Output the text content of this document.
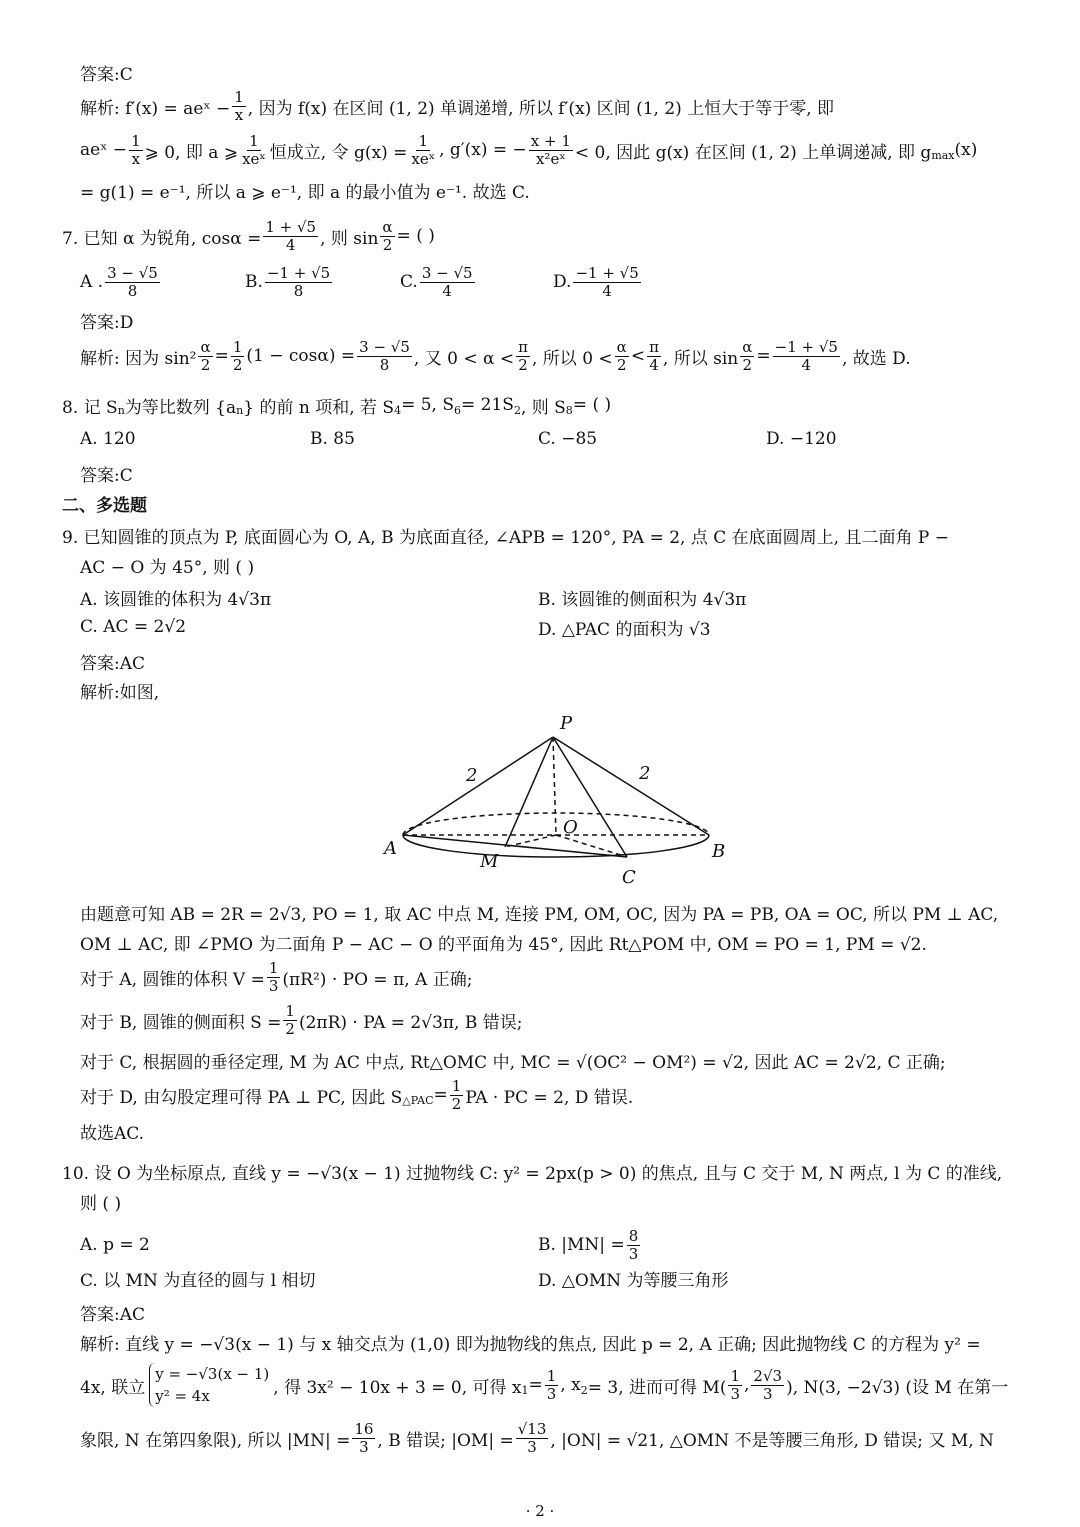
答案:C
解析: f′(x) = aeˣ − $\frac{1}{x}$ , 因为 f(x) 在区间 (1, 2) 单调递增, 所以 f′(x) 区间 (1, 2) 上恒大于等于零, 即
aeˣ − $\frac{1}{x}$ ⩾ 0, 即 a ⩾ $\frac{1}{\text{xeˣ}}$ 恒成立, 令 $g(x) = \frac{1}{\text{xeˣ}}$ , g′(x) = − $\frac{x + 1}{\text{x²eˣ}} < 0$, 因此 g(x) 在区间 (1, 2) 上单调递减, 即 g max (x)
= g(1) = e⁻¹, 所以 a ⩾ e⁻¹, 即 a 的最小值为 e⁻¹. 故选 C.
7. 已知 α 为锐角, $\cos\alpha = \frac{1 + √5}{4}$ , 则 $\sin \frac{\alpha}{2}$ = ( )
A . $\frac{3 - √5}{8}$	B. $\frac{-1 + √5}{8}$	C. $\frac{3 - √5}{4}$	D. $\frac{-1 + √5}{4}$
答案:D
解析: 因为 $\sin^2 \frac{\alpha}{2} = \frac{1}{2} (1 - \cos\alpha) = \frac{3 - √5}{8}$ , 又 $0 < \alpha < \frac{\pi}{2}$ , 所以 $0 < \frac{\alpha}{2} < \frac{\pi}{4}$ , 所以 $\sin \frac{\alpha}{2} = \frac{-1 + √5}{4}$ , 故选 D.
8. 记 S n 为等比数列 {a n } 的前 n 项和, 若 S 4 = 5, S 6 = 21S 2 , 则 S 8 = ( )
A. 120	B. 85	C. −85	D. −120
答案:C
二、多选题
9. 已知圆锥的顶点为 P, 底面圆心为 O, A, B 为底面直径, ∠APB = 120°, PA = 2, 点 C 在底面圆周上, 且二面角 P −
AC − O 为 45°, 则 ( )
A. 该圆锥的体积为 4√3π	B. 该圆锥的侧面积为 4√3π
C. AC = 2√2	D. △PAC 的面积为 √3
答案:AC
解析:如图,
由题意可知 AB = 2R = 2√3, PO = 1, 取 AC 中点 M, 连接 PM, OM, OC, 因为 PA = PB, OA = OC, 所以 PM ⊥ AC,
OM ⊥ AC, 即 ∠PMO 为二面角 P − AC − O 的平面角为 45°, 因此 Rt△POM 中, OM = PO = 1, PM = √2.
对于 A, 圆锥的体积 $V = \frac{1}{3} (\pi R^2)$ · PO = π, A 正确;
对于 B, 圆锥的侧面积 $S = \frac{1}{2} (2\pi R)$ · PA = 2√3π, B 错误;
对于 C, 根据圆的垂径定理, M 为 AC 中点, Rt△OMC 中, MC = √(OC² − OM²) = √2, 因此 AC = 2√2, C 正确;
对于 D, 由勾股定理可得 PA ⊥ PC, 因此 S △PAC = $\frac{1}{2}$ PA · PC = 2, D 错误.
故选AC.
10. 设 O 为坐标原点, 直线 y = −√3(x − 1) 过抛物线 C: y² = 2px(p > 0) 的焦点, 且与 C 交于 M, N 两点, l 为 C 的准线,
则 ( )
A. p = 2	B. $|MN| = \frac{8}{3}$
C. 以 MN 为直径的圆与 l 相切	D. △OMN 为等腰三角形
答案:AC
解析: 直线 y = −√3(x − 1) 与 x 轴交点为 (1,0) 即为抛物线的焦点, 因此 p = 2, A 正确; 因此抛物线 C 的方程为 y² =
4x, 联立
y = −√3(x − 1)
y² = 4x	, 得 3x² − 10x + 3 = 0, 可得 x $1 = \frac{1}{3}$ , x 2 = 3, 进而可得 $M( \frac{1}{3}$ , $\frac{2√3}{3}$ ), N(3, −2√3) (设 M 在第一
象限, N 在第四象限), 所以 $|MN| = \frac{16}{3}$ , B 错误; $|OM| = \frac{√13}{3}$ , |ON| = √21, △OMN 不是等腰三角形, D 错误; 又 M, N
P
A	B
O
M
C
2	2
· 2 ·
